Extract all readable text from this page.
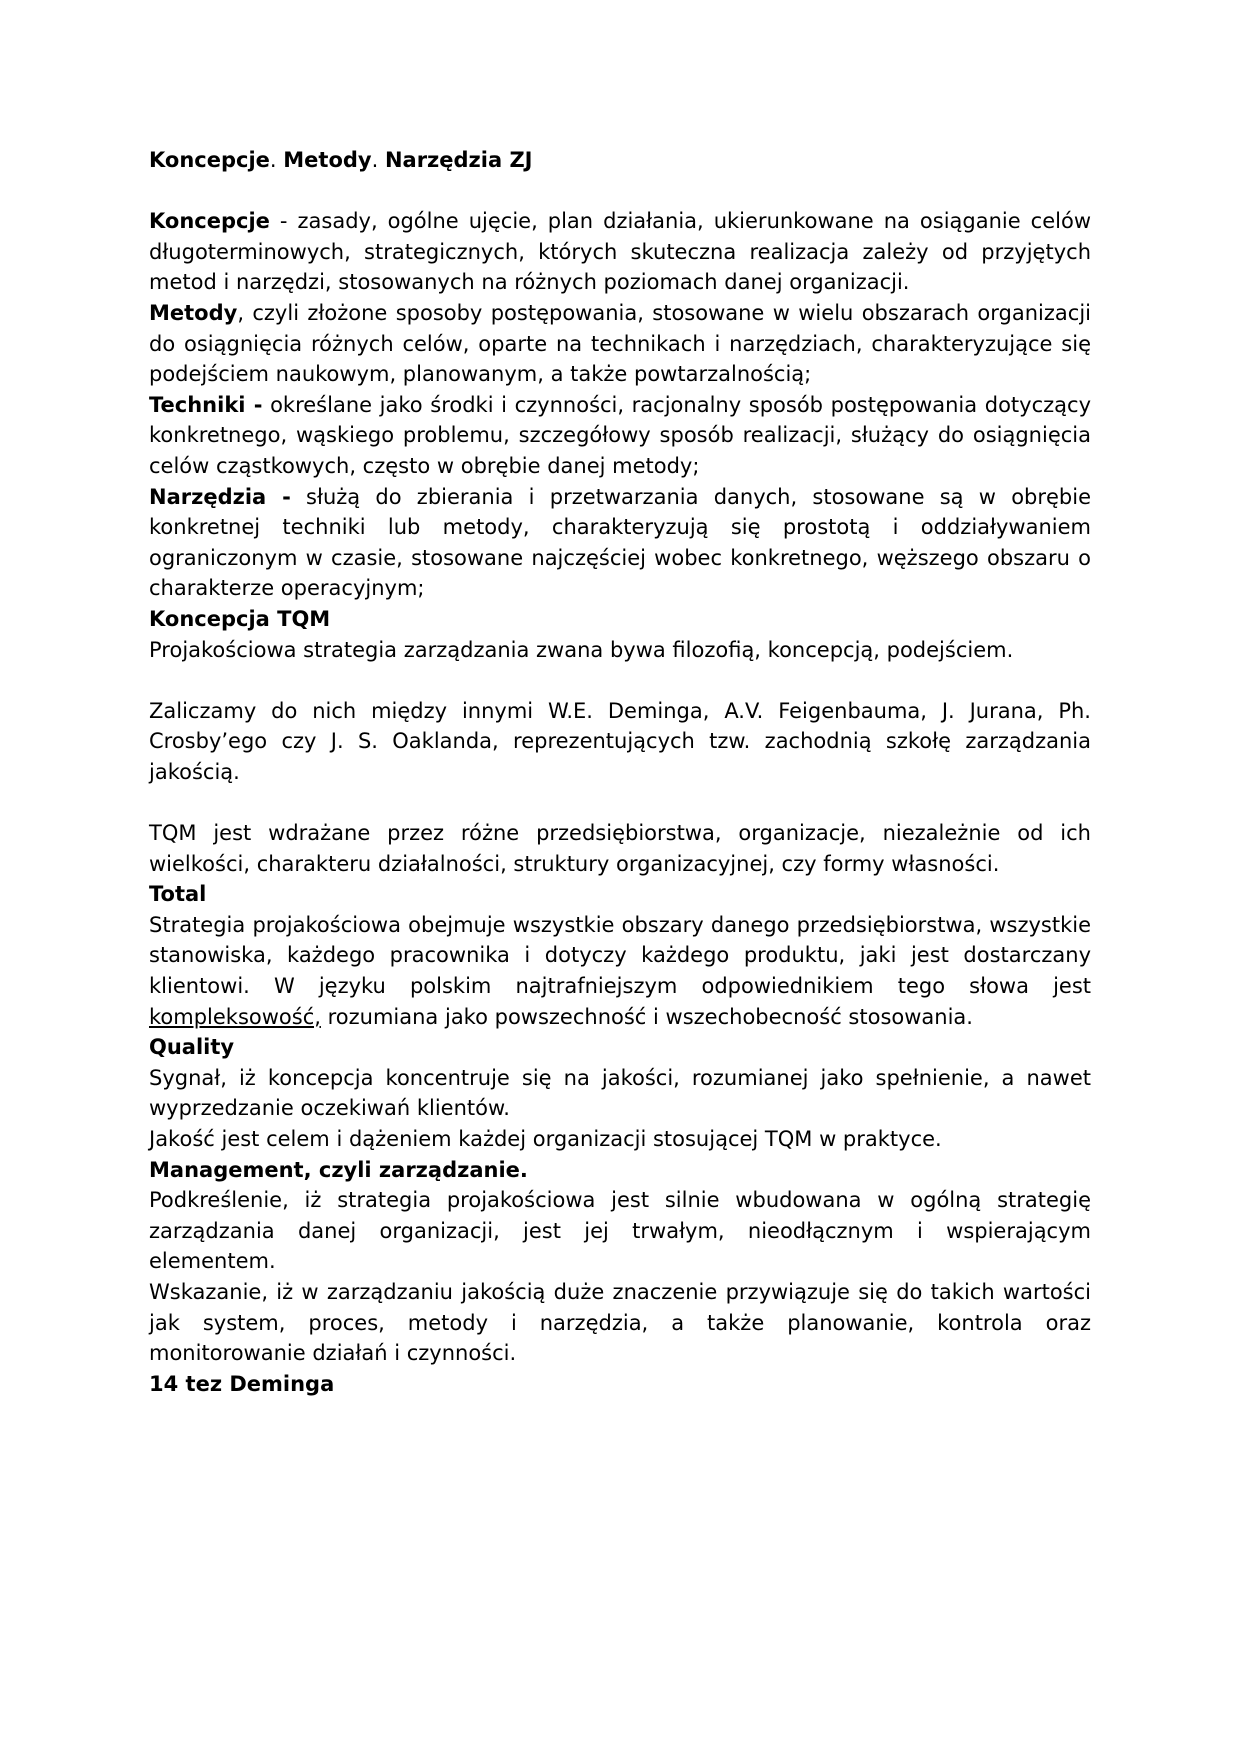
Koncepcje. Metody. Narzędzia ZJ

Koncepcje - zasady, ogólne ujęcie, plan działania, ukierunkowane na osiąganie celów długoterminowych, strategicznych, których skuteczna realizacja zależy od przyjętych metod i narzędzi, stosowanych na różnych poziomach danej organizacji.

Metody, czyli złożone sposoby postępowania, stosowane w wielu obszarach organizacji do osiągnięcia różnych celów, oparte na technikach i narzędziach, charakteryzujące się podejściem naukowym, planowanym, a także powtarzalnością;

Techniki - określane jako środki i czynności, racjonalny sposób postępowania dotyczący konkretnego, wąskiego problemu, szczegółowy sposób realizacji, służący do osiągnięcia celów cząstkowych, często w obrębie danej metody;

Narzędzia - służą do zbierania i przetwarzania danych, stosowane są w obrębie konkretnej techniki lub metody, charakteryzują się prostotą i oddziaływaniem ograniczonym w czasie, stosowane najczęściej wobec konkretnego, węższego obszaru o charakterze operacyjnym;

Koncepcja TQM

Projakościowa strategia zarządzania zwana bywa filozofią, koncepcją, podejściem.

Zaliczamy do nich między innymi W.E. Deminga, A.V. Feigenbauma, J. Jurana, Ph. Crosby’ego czy J. S. Oaklanda, reprezentujących tzw. zachodnią szkołę zarządzania jakością.

TQM jest wdrażane przez różne przedsiębiorstwa, organizacje, niezależnie od ich wielkości, charakteru działalności, struktury organizacyjnej, czy formy własności.

Total

Strategia projakościowa obejmuje wszystkie obszary danego przedsiębiorstwa, wszystkie stanowiska, każdego pracownika i dotyczy każdego produktu, jaki jest dostarczany klientowi. W języku polskim najtrafniejszym odpowiednikiem tego słowa jest kompleksowość, rozumiana jako powszechność i wszechobecność stosowania.

Quality

Sygnał, iż koncepcja koncentruje się na jakości, rozumianej jako spełnienie, a nawet wyprzedzanie oczekiwań klientów.

Jakość jest celem i dążeniem każdej organizacji stosującej TQM w praktyce.

Management, czyli zarządzanie.

Podkreślenie, iż strategia projakościowa jest silnie wbudowana w ogólną strategię zarządzania danej organizacji, jest jej trwałym, nieodłącznym i wspierającym elementem.

Wskazanie, iż w zarządzaniu jakością duże znaczenie przywiązuje się do takich wartości jak system, proces, metody i narzędzia, a także planowanie, kontrola oraz monitorowanie działań i czynności.

14 tez Deminga
